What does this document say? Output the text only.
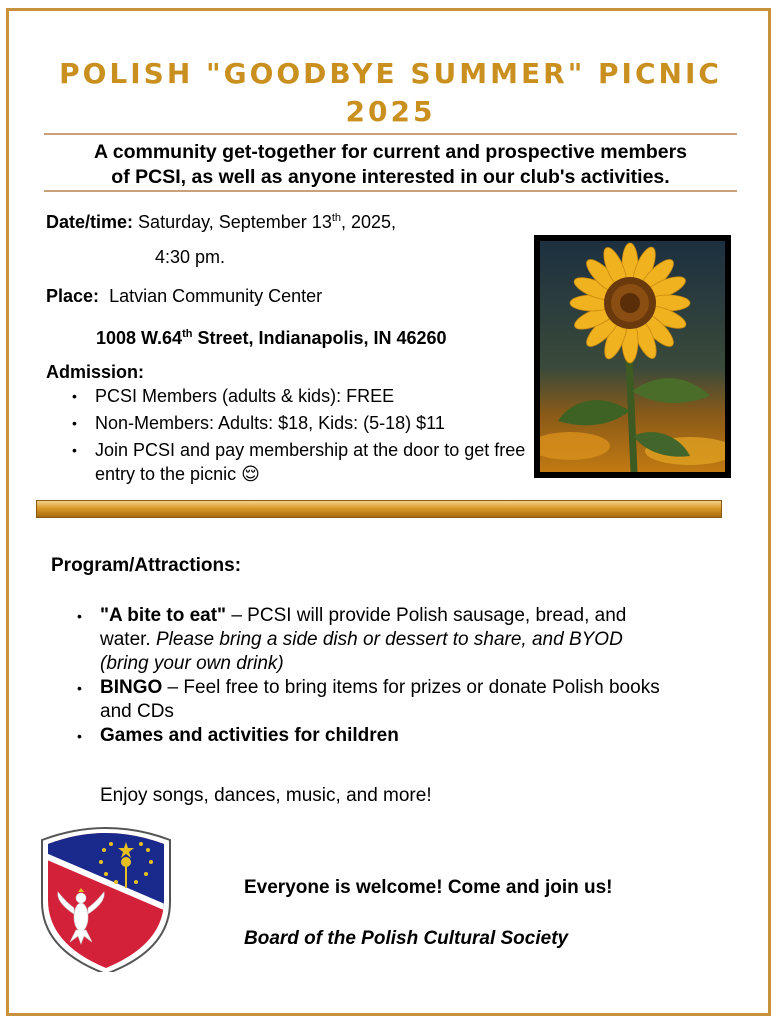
POLISH "GOODBYE SUMMER" PICNIC
2025
A community get-together for current and prospective members
of PCSI, as well as anyone interested in our club's activities.
Date/time: Saturday, September 13th, 2025,
4:30 pm.
Place: Latvian Community Center
1008 W.64th Street, Indianapolis, IN 46260
Admission:
• PCSI Members (adults & kids): FREE
• Non-Members: Adults: $18, Kids: (5-18) $11
• Join PCSI and pay membership at the door to get free entry to the picnic 😌
Program/Attractions:
• "A bite to eat" – PCSI will provide Polish sausage, bread, and water. Please bring a side dish or dessert to share, and BYOD (bring your own drink)
• BINGO – Feel free to bring items for prizes or donate Polish books and CDs
• Games and activities for children
Enjoy songs, dances, music, and more!
Everyone is welcome! Come and join us!
Board of the Polish Cultural Society
